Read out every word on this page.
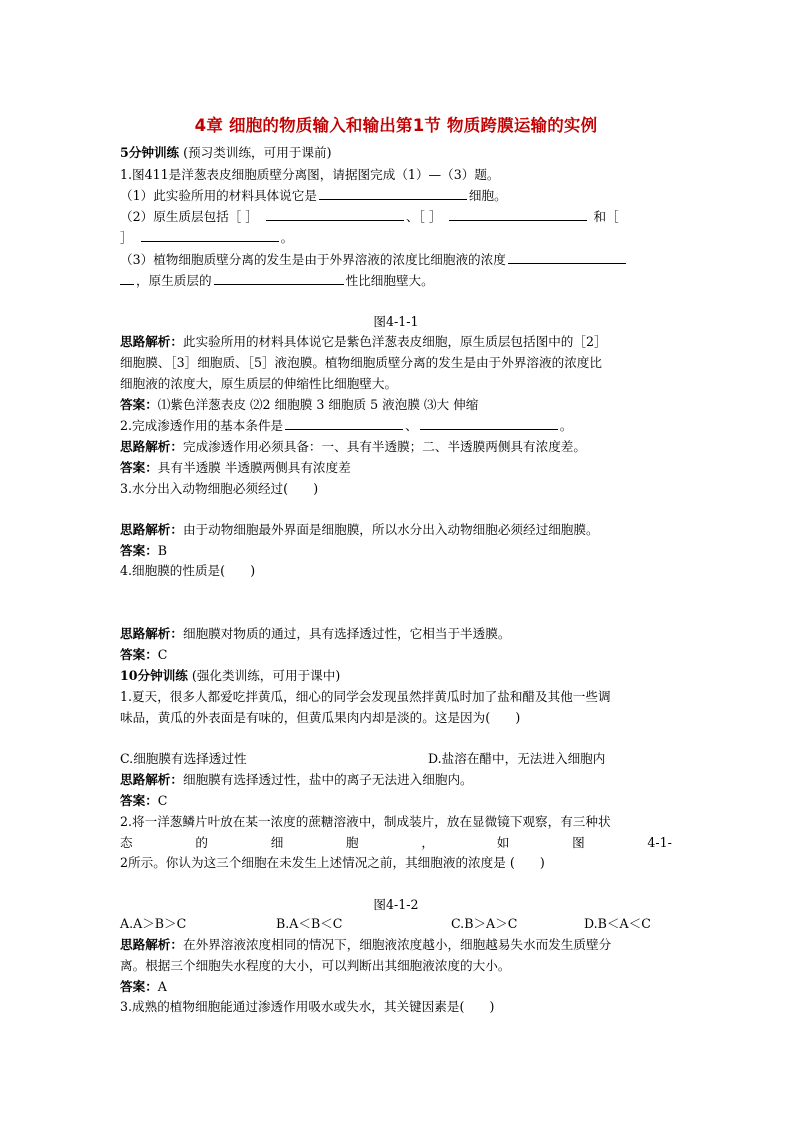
4章 细胞的物质输入和输出第1节 物质跨膜运输的实例
5分钟训练 (预习类训练，可用于课前)
1.图411是洋葱表皮细胞质壁分离图，请据图完成（1）—（3）题。
（1）此实验所用的材料具体说它是	细胞。
（2）原生质层包括［ ］	、［ ］	和［
］	。
（3）植物细胞质壁分离的发生是由于外界溶液的浓度比细胞液的浓度
，原生质层的	性比细胞壁大。
图4-1-1
思路解析：此实验所用的材料具体说它是紫色洋葱表皮细胞，原生质层包括图中的［2］
细胞膜、［3］细胞质、［5］液泡膜。植物细胞质壁分离的发生是由于外界溶液的浓度比
细胞液的浓度大，原生质层的伸缩性比细胞壁大。
答案：⑴紫色洋葱表皮 ⑵2 细胞膜 3 细胞质 5 液泡膜 ⑶大 伸缩
2.完成渗透作用的基本条件是	、	。
思路解析：完成渗透作用必须具备：一、具有半透膜；二、半透膜两侧具有浓度差。
答案：具有半透膜 半透膜两侧具有浓度差
3.水分出入动物细胞必须经过(　　)
思路解析：由于动物细胞最外界面是细胞膜，所以水分出入动物细胞必须经过细胞膜。
答案：B
4.细胞膜的性质是(　　)
思路解析：细胞膜对物质的通过，具有选择透过性，它相当于半透膜。
答案：C
10分钟训练 (强化类训练，可用于课中)
1.夏天，很多人都爱吃拌黄瓜，细心的同学会发现虽然拌黄瓜时加了盐和醋及其他一些调
味品，黄瓜的外表面是有味的，但黄瓜果肉内却是淡的。这是因为(　　)
C.细胞膜有选择透过性	D.盐溶在醋中，无法进入细胞内
思路解析：细胞膜有选择透过性，盐中的离子无法进入细胞内。
答案：C
2.将一洋葱鳞片叶放在某一浓度的蔗糖溶液中，制成装片，放在显微镜下观察，有三种状
态	的	细	胞	，	如	图	4-1-
2所示。你认为这三个细胞在未发生上述情况之前，其细胞液的浓度是 (　　)
图4-1-2
A.A＞B＞C	B.A＜B＜C	C.B＞A＞C	D.B＜A＜C
思路解析：在外界溶液浓度相同的情况下，细胞液浓度越小，细胞越易失水而发生质壁分
离。根据三个细胞失水程度的大小，可以判断出其细胞液浓度的大小。
答案：A
3.成熟的植物细胞能通过渗透作用吸水或失水，其关键因素是(　　)
